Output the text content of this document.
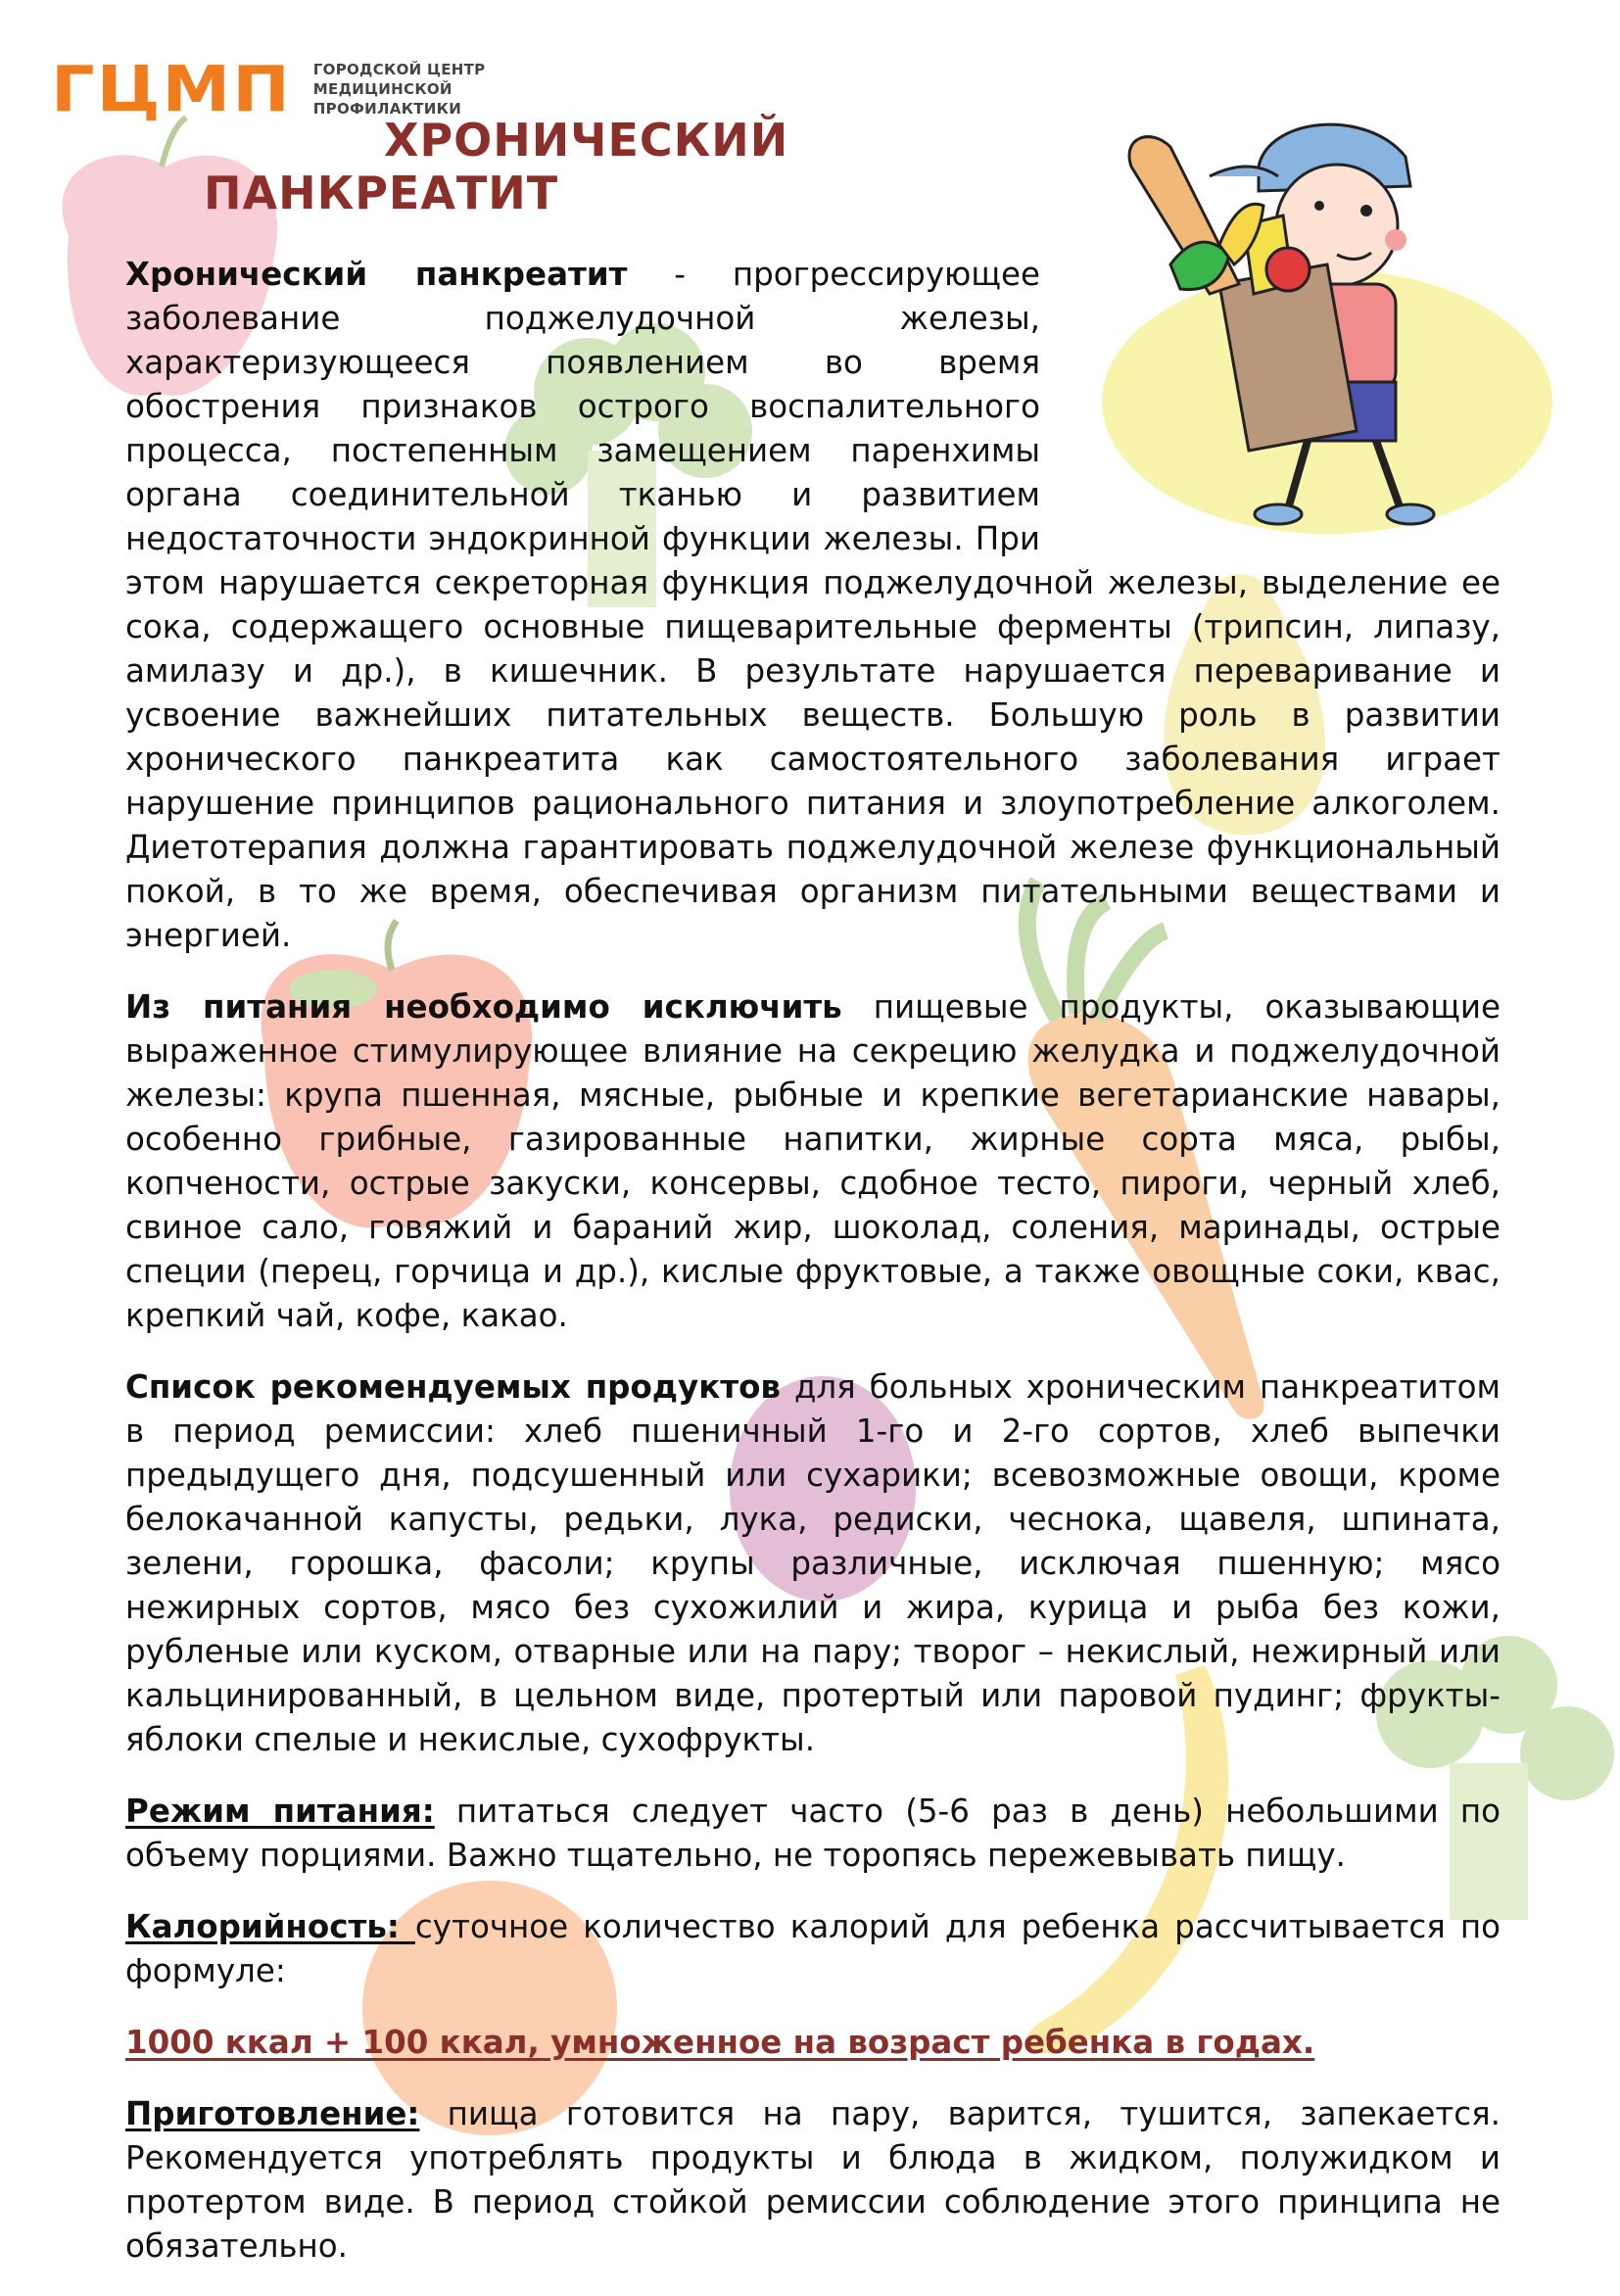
ГЦМП ГОРОДСКОЙ ЦЕНТР
МЕДИЦИНСКОЙ
ПРОФИЛАКТИКИ
ХРОНИЧЕСКИЙ
ПАНКРЕАТИТ

Хронический панкреатит - прогрессирующее заболевание поджелудочной железы, характеризующееся появлением во время обострения признаков острого воспалительного процесса, постепенным замещением паренхимы органа соединительной тканью и развитием недостаточности эндокринной функции железы. При этом нарушается секреторная функция поджелудочной железы, выделение ее сока, содержащего основные пищеварительные ферменты (трипсин, липазу, амилазу и др.), в кишечник. В результате нарушается переваривание и усвоение важнейших питательных веществ. Большую роль в развитии хронического панкреатита как самостоятельного заболевания играет нарушение принципов рационального питания и злоупотребление алкоголем. Диетотерапия должна гарантировать поджелудочной железе функциональный покой, в то же время, обеспечивая организм питательными веществами и энергией.

Из питания необходимо исключить пищевые продукты, оказывающие выраженное стимулирующее влияние на секрецию желудка и поджелудочной железы: крупа пшенная, мясные, рыбные и крепкие вегетарианские навары, особенно грибные, газированные напитки, жирные сорта мяса, рыбы, копчености, острые закуски, консервы, сдобное тесто, пироги, черный хлеб, свиное сало, говяжий и бараний жир, шоколад, соления, маринады, острые специи (перец, горчица и др.), кислые фруктовые, а также овощные соки, квас, крепкий чай, кофе, какао.

Список рекомендуемых продуктов для больных хроническим панкреатитом в период ремиссии: хлеб пшеничный 1-го и 2-го сортов, хлеб выпечки предыдущего дня, подсушенный или сухарики; всевозможные овощи, кроме белокачанной капусты, редьки, лука, редиски, чеснока, щавеля, шпината, зелени, горошка, фасоли; крупы различные, исключая пшенную; мясо нежирных сортов, мясо без сухожилий и жира, курица и рыба без кожи, рубленые или куском, отварные или на пару; творог – некислый, нежирный или кальцинированный, в цельном виде, протертый или паровой пудинг; фрукты- яблоки спелые и некислые, сухофрукты.

Режим питания: питаться следует часто (5-6 раз в день) небольшими по объему порциями. Важно тщательно, не торопясь пережевывать пищу.

Калорийность: суточное количество калорий для ребенка рассчитывается по формуле:

1000 ккал + 100 ккал, умноженное на возраст ребенка в годах.

Приготовление: пища готовится на пару, варится, тушится, запекается. Рекомендуется употреблять продукты и блюда в жидком, полужидком и протертом виде. В период стойкой ремиссии соблюдение этого принципа не обязательно.
